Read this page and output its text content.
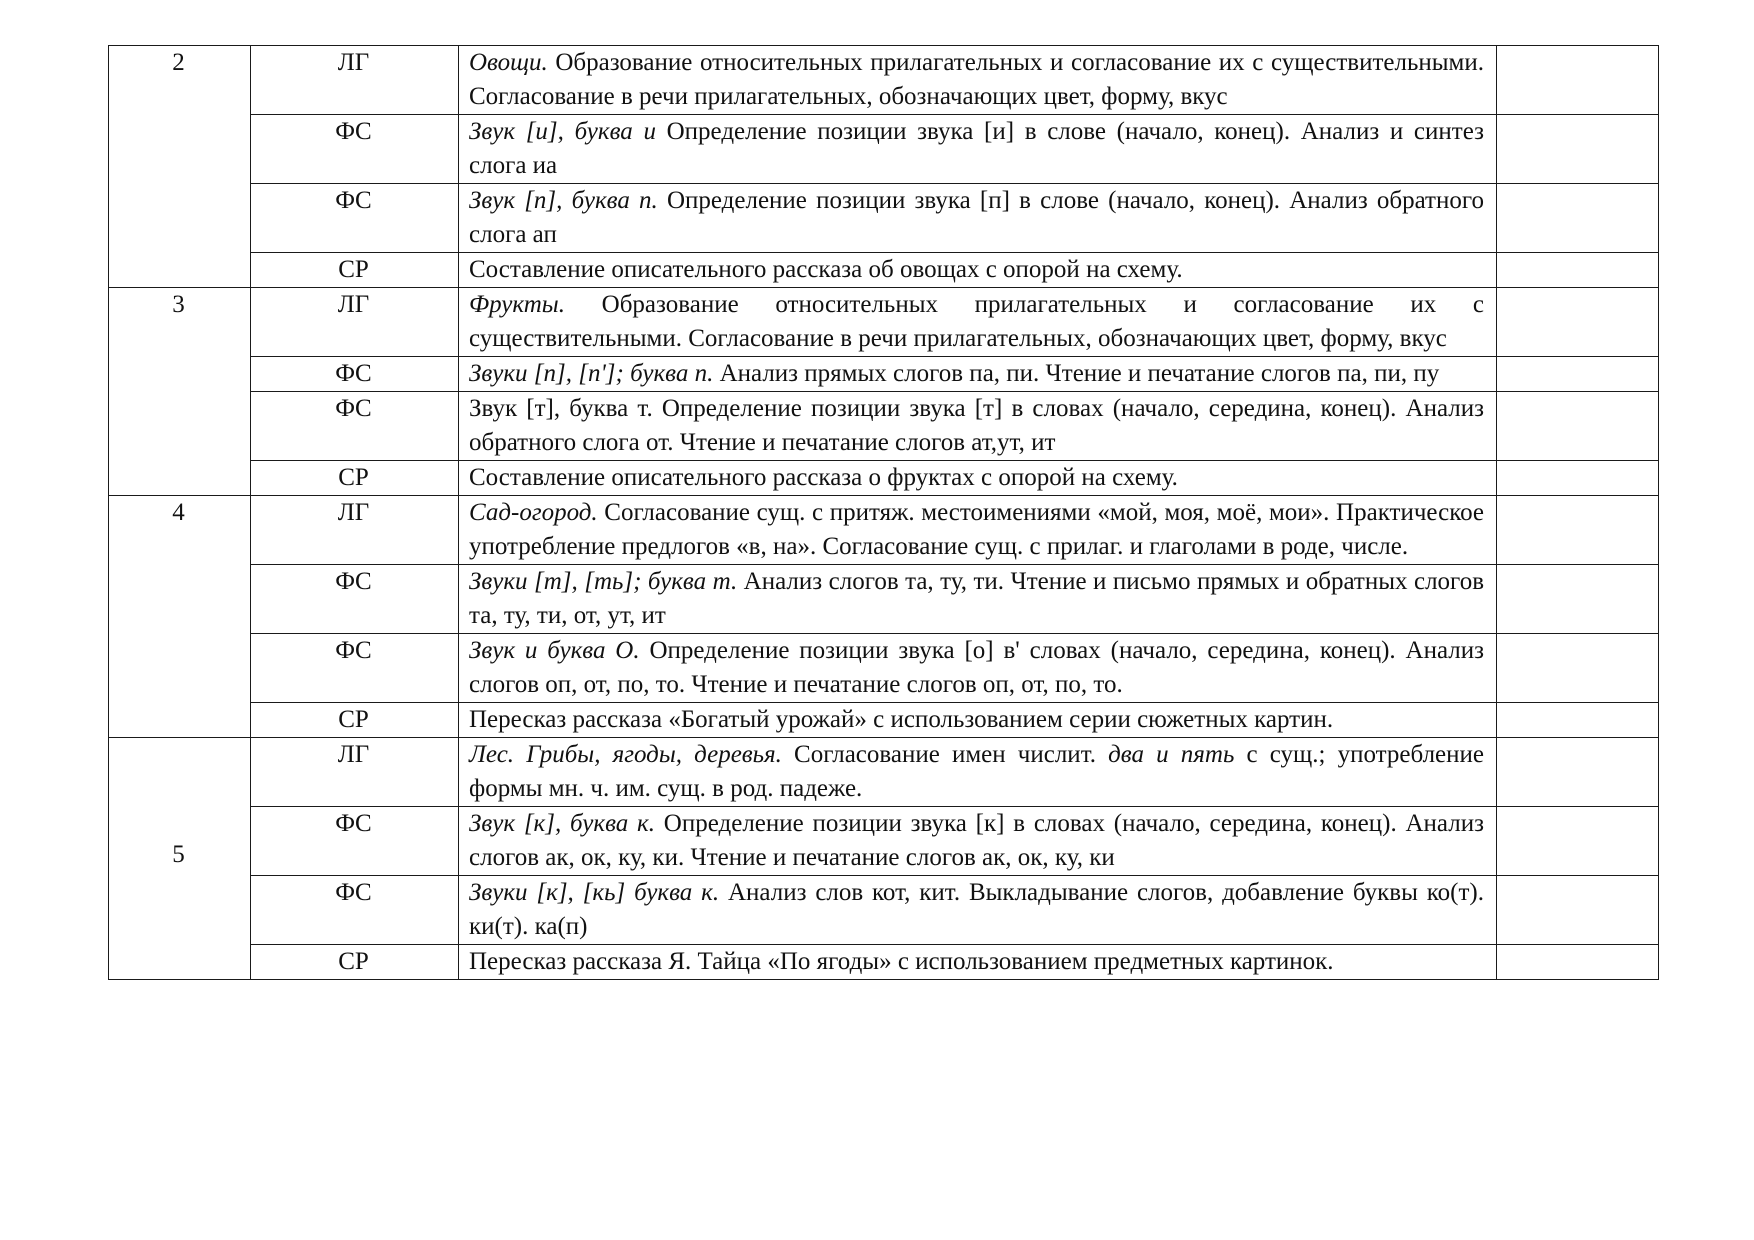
2	ЛГ	Овощи. Образование относительных прилагательных и согласование их с существительными. Согласование в речи прилагательных, обозначающих цвет, форму, вкус	
	ФС	Звук [и], буква и Определение позиции звука [и] в слове (начало, конец). Анализ и синтез слога иа	
	ФС	Звук [п], буква п. Определение позиции звука [п] в слове (начало, конец). Анализ обратного слога ап	
	СР	Составление описательного рассказа об овощах с опорой на схему.	
3	ЛГ	Фрукты. Образование относительных прилагательных и согласование их с существительными. Согласование в речи прилагательных, обозначающих цвет, форму, вкус	
	ФС	Звуки [п], [п']; буква п. Анализ прямых слогов па, пи. Чтение и печатание слогов па, пи, пу	
	ФС	Звук [т], буква т. Определение позиции звука [т] в словах (начало, середина, конец). Анализ обратного слога от. Чтение и печатание слогов ат,ут, ит	
	СР	Составление описательного рассказа о фруктах с опорой на схему.	
4	ЛГ	Сад-огород. Согласование сущ. с притяж. местоимениями «мой, моя, моё, мои». Практическое употребление предлогов «в, на». Согласование сущ. с прилаг. и глаголами в роде, числе.	
	ФС	Звуки [т], [ть]; буква т. Анализ слогов та, ту, ти. Чтение и письмо прямых и обратных слогов та, ту, ти, от, ут, ит	
	ФС	Звук и буква О. Определение позиции звука [о] в' словах (начало, середина, конец). Анализ слогов оп, от, по, то. Чтение и печатание слогов оп, от, по, то.	
	СР	Пересказ рассказа «Богатый урожай» с использованием серии сюжетных картин.	
5	ЛГ	Лес. Грибы, ягоды, деревья. Согласование имен числит. два и пять с сущ.; употребление формы мн. ч. им. сущ. в род. падеже.	
	ФС	Звук [к], буква к. Определение позиции звука [к] в словах (начало, середина, конец). Анализ слогов ак, ок, ку, ки. Чтение и печатание слогов ак, ок, ку, ки	
	ФС	Звуки [к], [кь] буква к. Анализ слов кот, кит. Выкладывание слогов, добавление буквы ко(т). ки(т). ка(п)	
	СР	Пересказ рассказа Я. Тайца «По ягоды» с использованием предметных картинок.	
